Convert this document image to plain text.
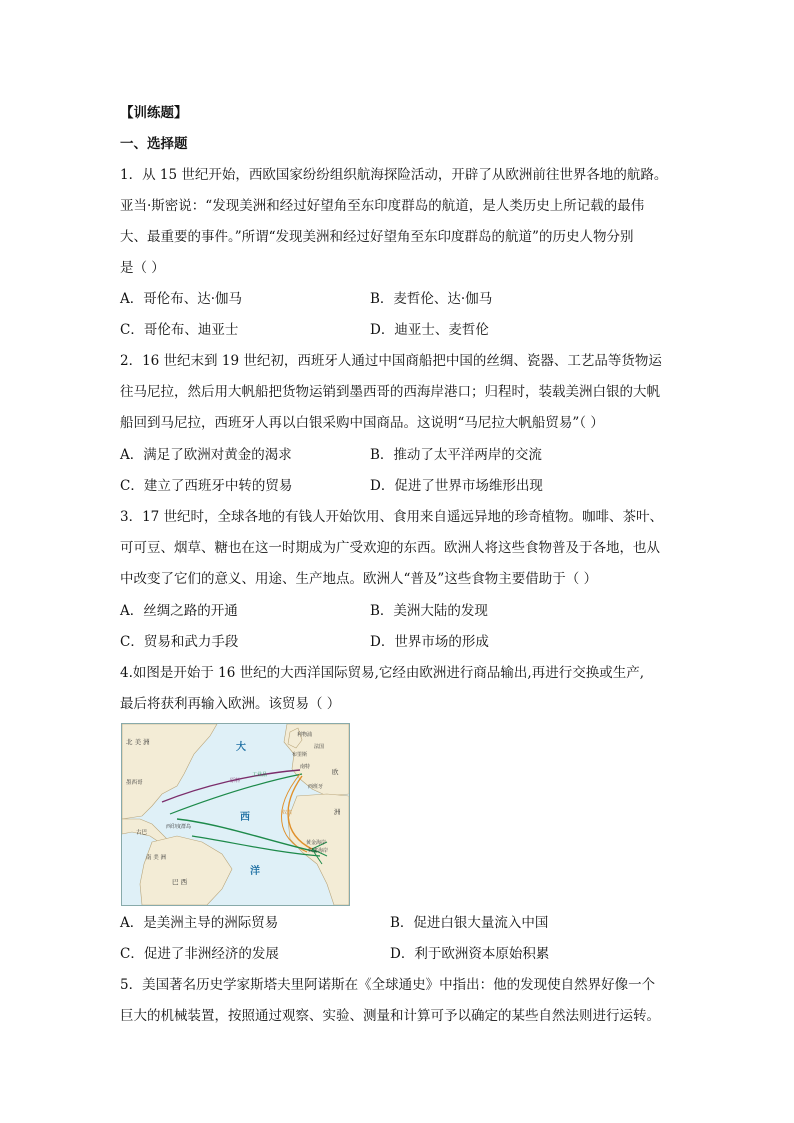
【训练题】
一、选择题
1．从 15 世纪开始，西欧国家纷纷组织航海探险活动，开辟了从欧洲前往世界各地的航路。
亚当·斯密说：“发现美洲和经过好望角至东印度群岛的航道，是人类历史上所记载的最伟
大、最重要的事件。”所谓“发现美洲和经过好望角至东印度群岛的航道”的历史人物分别
是（ ）
A．哥伦布、达·伽马	B．麦哲伦、达·伽马
C．哥伦布、迪亚士	D．迪亚士、麦哲伦
2．16 世纪末到 19 世纪初，西班牙人通过中国商船把中国的丝绸、瓷器、工艺品等货物运
往马尼拉，然后用大帆船把货物运销到墨西哥的西海岸港口；归程时，装载美洲白银的大帆
船回到马尼拉，西班牙人再以白银采购中国商品。这说明“马尼拉大帆船贸易”（ ）
A．满足了欧洲对黄金的渴求	B．推动了太平洋两岸的交流
C．建立了西班牙中转的贸易	D．促进了世界市场维形出现
3．17 世纪时，全球各地的有钱人开始饮用、食用来自遥远异地的珍奇植物。咖啡、茶叶、
可可豆、烟草、糖也在这一时期成为广受欢迎的东西。欧洲人将这些食物普及于各地，也从
中改变了它们的意义、用途、生产地点。欧洲人“普及”这些食物主要借助于（ ）
A．丝绸之路的开通	B．美洲大陆的发现
C．贸易和武力手段	D．世界市场的形成
4.如图是开始于 16 世纪的大西洋国际贸易,它经由欧洲进行商品输出,再进行交换或生产,
最后将获利再输入欧洲。该贸易（ ）
北 美 洲
古巴
墨西哥
南 美 洲
巴 西
西印度群岛
利物浦
布里斯
法国
南特
西班牙
欧
洲
黄金海岸
奴隶海岸
原料
工业品
奴隶
大
西
洋
A．是美洲主导的洲际贸易	B．促进白银大量流入中国
C．促进了非洲经济的发展	D．利于欧洲资本原始积累
5．美国著名历史学家斯塔夫里阿诺斯在《全球通史》中指出：他的发现使自然界好像一个
巨大的机械装置，按照通过观察、实验、测量和计算可予以确定的某些自然法则进行运转。
